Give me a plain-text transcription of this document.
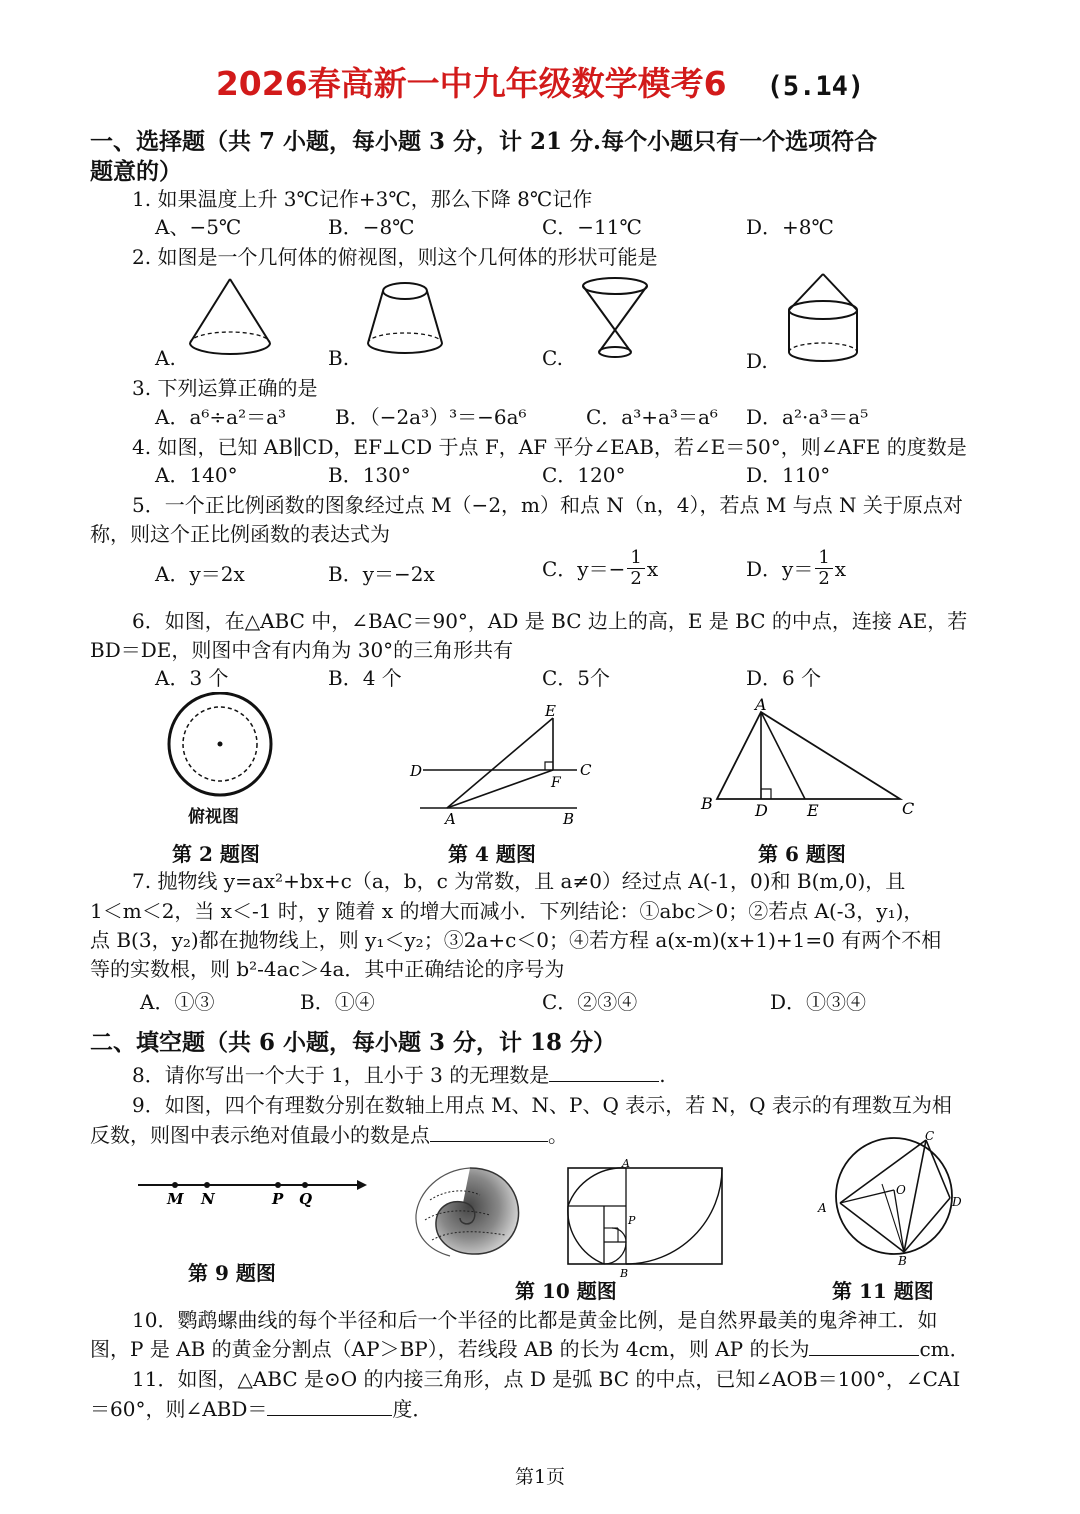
2026春高新一中九年级数学模考6 (5.14)
一、选择题（共 7 小题，每小题 3 分，计 21 分.每个小题只有一个选项符合
题意的）
1. 如果温度上升 3℃记作+3℃，那么下降 8℃记作
A、−5℃	B．−8℃	C．−11℃	D．+8℃
2. 如图是一个几何体的俯视图，则这个几何体的形状可能是
A.	B.	C.	D.
3. 下列运算正确的是
A．a⁶÷a²＝a³ B．（−2a³）³＝−6a⁶	C．a³+a³＝a⁶ D．a²·a³＝a⁵
4. 如图，已知 AB∥CD，EF⊥CD 于点 F，AF 平分∠EAB，若∠E＝50°，则∠AFE 的度数是
A．140°	B．130°	C．120°	D．110°
5．一个正比例函数的图象经过点 M（−2，m）和点 N（n，4），若点 M 与点 N 关于原点对
称，则这个正比例函数的表达式为
A．y＝2x	B．y＝−2x	C．$y=- \frac{1}{2}$ x	D．$y= \frac{1}{2}$ x
6．如图，在△ABC 中，∠BAC＝90°，AD 是 BC 边上的高，E 是 BC 的中点，连接 AE，若
BD＝DE，则图中含有内角为 30°的三角形共有
A．3 个	B．4 个	C．5个	D．6 个
俯视图
第 2 题图
E
D	C
F
A	B
第 4 题图
A
B	D E	C
第 6 题图
7. 抛物线 y=ax²+bx+c（a，b，c 为常数，且 a≠0）经过点 A(-1，0)和 B(m,0)，且
1＜m＜2，当 x＜-1 时，y 随着 x 的增大而减小．下列结论：①abc＞0；②若点 A(-3，y₁)，
点 B(3，y₂)都在抛物线上，则 y₁＜y₂；③2a+c＜0；④若方程 a(x-m)(x+1)+1=0 有两个不相
等的实数根，则 b²-4ac＞4a．其中正确结论的序号为
A．①③	B．①④	C．②③④	D．①③④
二、填空题（共 6 小题，每小题 3 分，计 18 分）
8．请你写出一个大于 1，且小于 3 的无理数是	.
9．如图，四个有理数分别在数轴上用点 M、N、P、Q 表示，若 N，Q 表示的有理数互为相
反数，则图中表示绝对值最小的数是点	。
M N	P Q
第 9 题图
A
P
B
第 10 题图
C
O
A	D
B
第 11 题图
10．鹦鹉螺曲线的每个半径和后一个半径的比都是黄金比例，是自然界最美的鬼斧神工．如
图，P 是 AB 的黄金分割点（AP＞BP），若线段 AB 的长为 4cm，则 AP 的长为	cm．
11．如图，△ABC 是⊙O 的内接三角形，点 D 是弧 BC 的中点，已知∠AOB＝100°，∠CAI
＝60°，则∠ABD＝	度．
第1页
